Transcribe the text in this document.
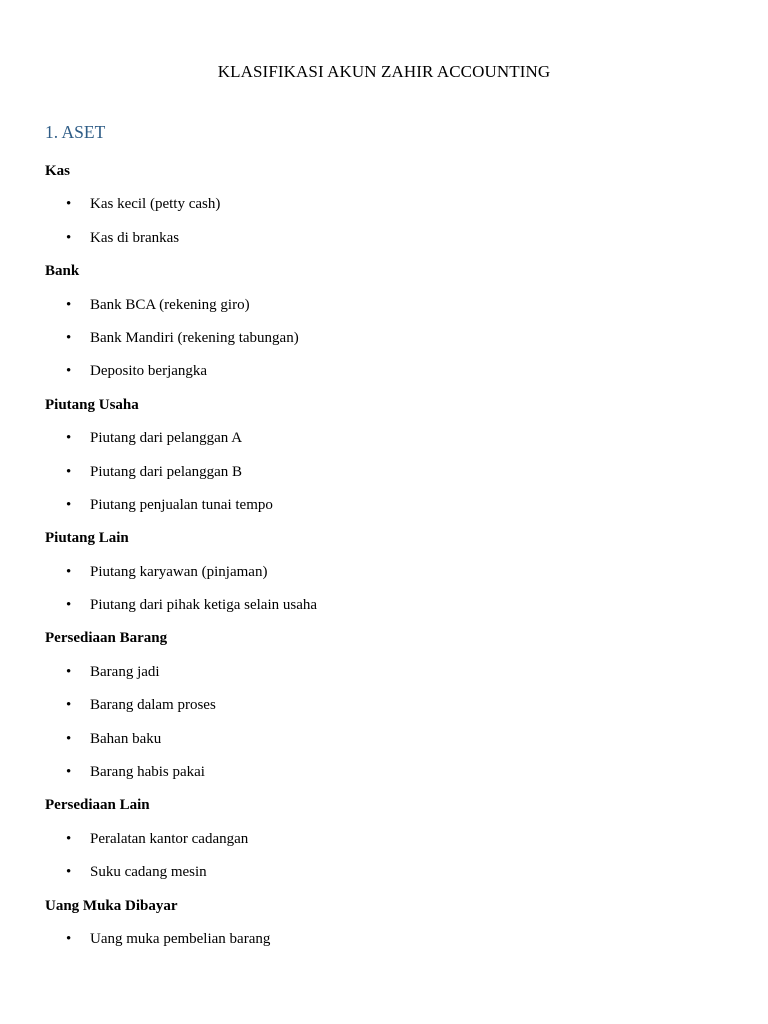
KLASIFIKASI AKUN ZAHIR ACCOUNTING
1. ASET
Kas
•	Kas kecil (petty cash)
•	Kas di brankas
Bank
•	Bank BCA (rekening giro)
•	Bank Mandiri (rekening tabungan)
•	Deposito berjangka
Piutang Usaha
•	Piutang dari pelanggan A
•	Piutang dari pelanggan B
•	Piutang penjualan tunai tempo
Piutang Lain
•	Piutang karyawan (pinjaman)
•	Piutang dari pihak ketiga selain usaha
Persediaan Barang
•	Barang jadi
•	Barang dalam proses
•	Bahan baku
•	Barang habis pakai
Persediaan Lain
•	Peralatan kantor cadangan
•	Suku cadang mesin
Uang Muka Dibayar
•	Uang muka pembelian barang
